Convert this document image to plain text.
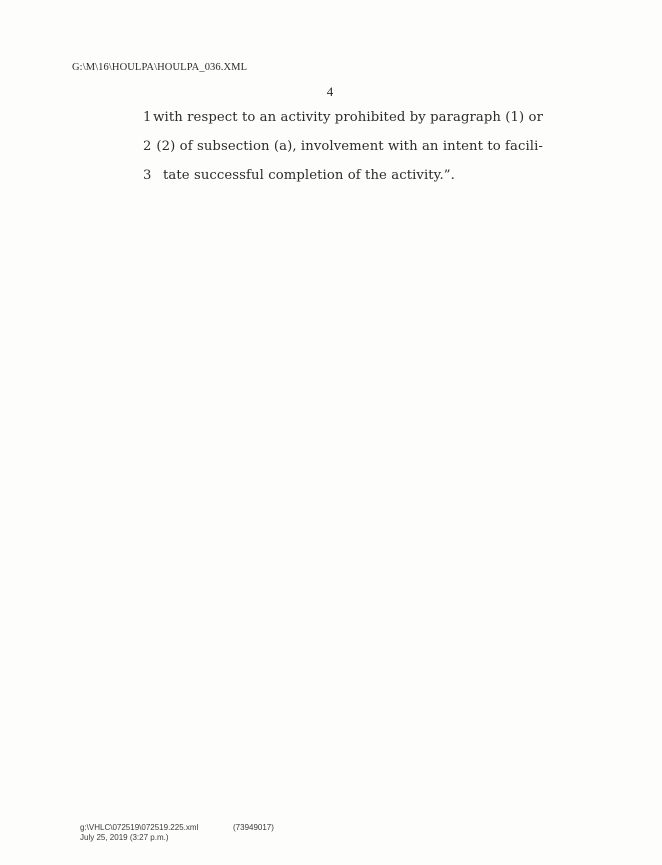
G:\M\16\HOULPA\HOULPA_036.XML
4
1 with respect to an activity prohibited by paragraph (1) or
2 (2) of subsection (a), involvement with an intent to facili-
3 tate successful completion of the activity.”.
g:\VHLC\072519\072519.225.xml	(73949017)
July 25, 2019 (3:27 p.m.)
